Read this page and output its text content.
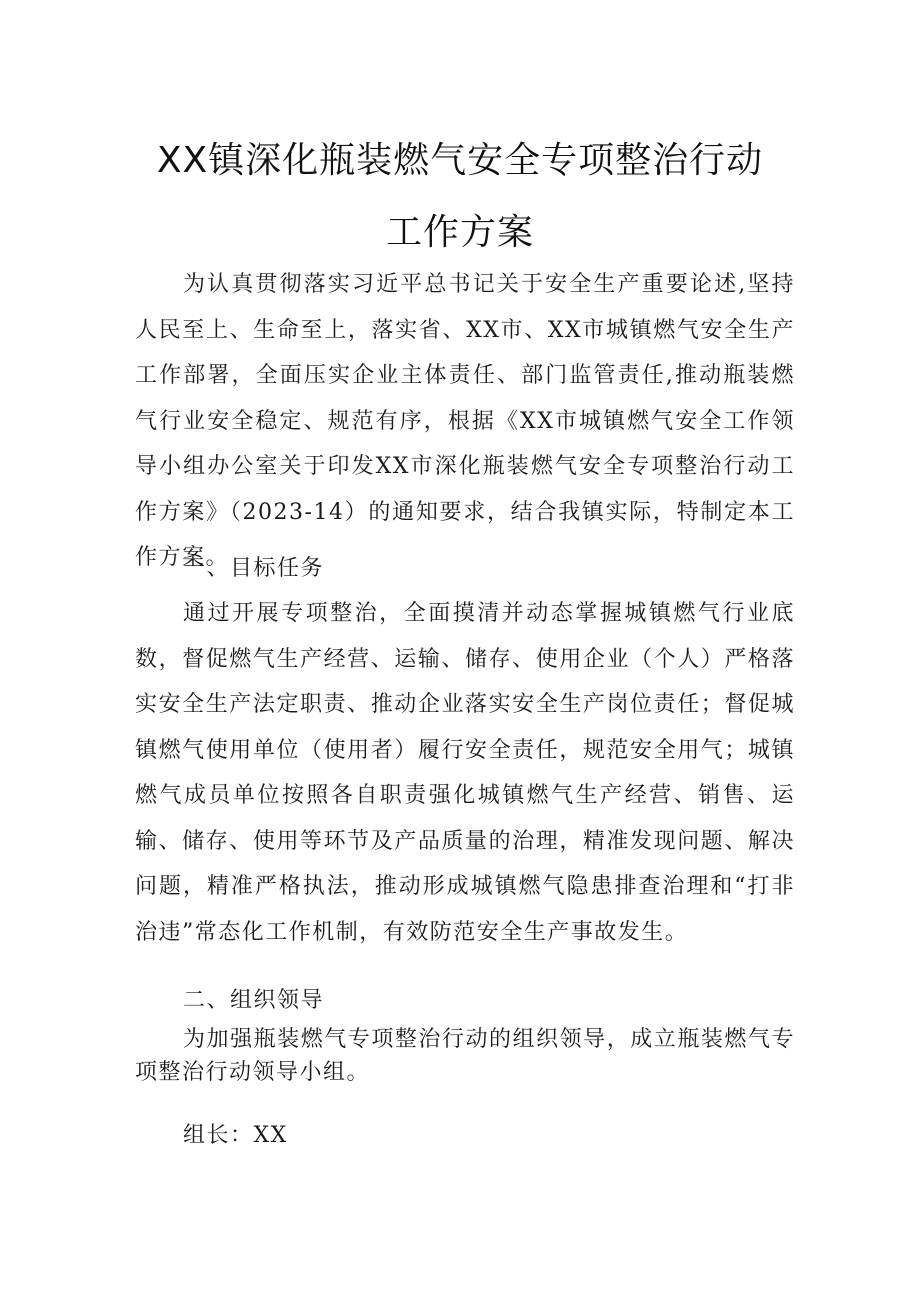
XX镇深化瓶装燃气安全专项整治行动
工作方案

为认真贯彻落实习近平总书记关于安全生产重要论述,坚持人民至上、生命至上，落实省、XX市、XX市城镇燃气安全生产工作部署，全面压实企业主体责任、部门监管责任,推动瓶装燃气行业安全稳定、规范有序，根据《XX市城镇燃气安全工作领导小组办公室关于印发XX市深化瓶装燃气安全专项整治行动工作方案》（2023-14）的通知要求，结合我镇实际，特制定本工作方案。

一、目标任务

通过开展专项整治，全面摸清并动态掌握城镇燃气行业底数，督促燃气生产经营、运输、储存、使用企业（个人）严格落实安全生产法定职责、推动企业落实安全生产岗位责任；督促城镇燃气使用单位（使用者）履行安全责任，规范安全用气；城镇燃气成员单位按照各自职责强化城镇燃气生产经营、销售、运输、储存、使用等环节及产品质量的治理，精准发现问题、解决问题，精准严格执法，推动形成城镇燃气隐患排查治理和“打非治违”常态化工作机制，有效防范安全生产事故发生。

二、组织领导

为加强瓶装燃气专项整治行动的组织领导，成立瓶装燃气专项整治行动领导小组。

组长：XX
